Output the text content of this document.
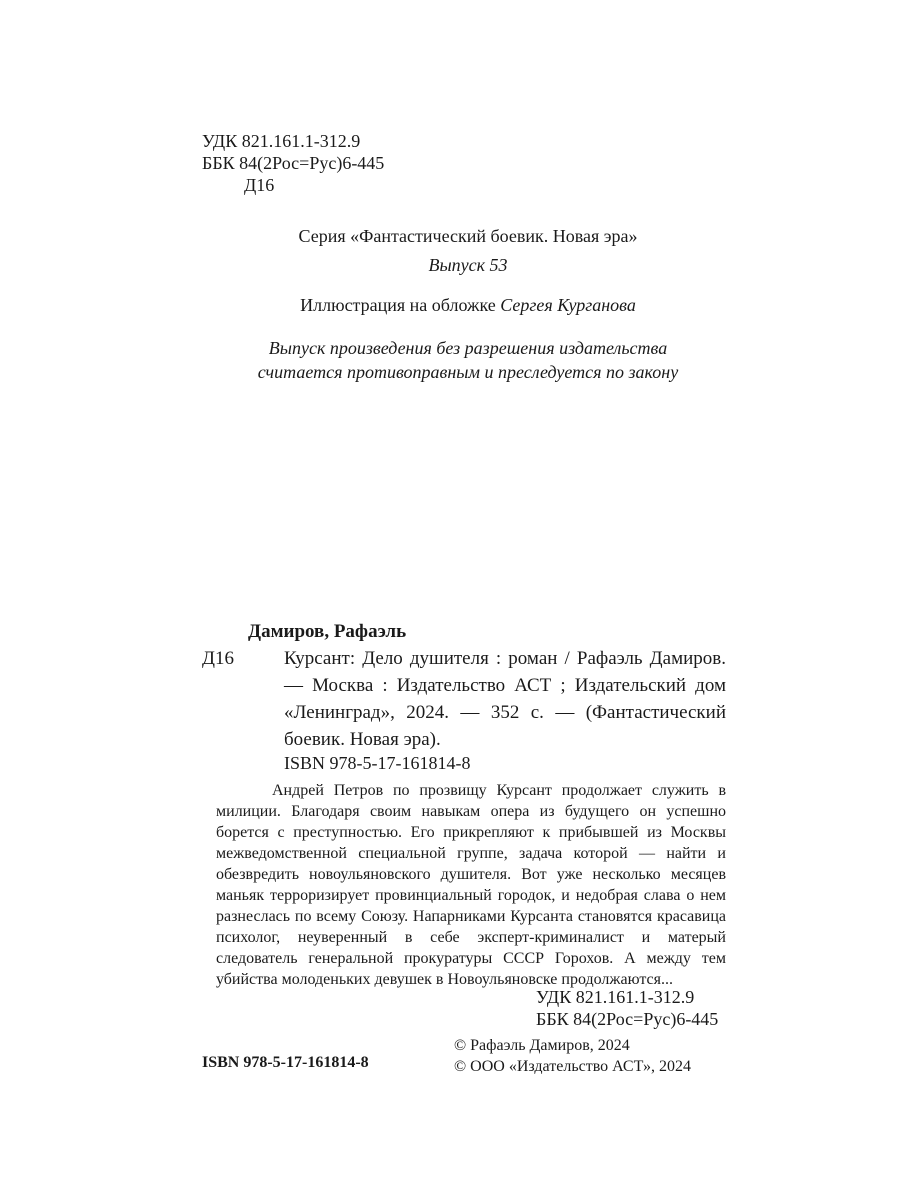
УДК 821.161.1-312.9
ББК 84(2Рос=Рус)6-445
Д16
Серия «Фантастический боевик. Новая эра»
Выпуск 53
Иллюстрация на обложке Сергея Курганова
Выпуск произведения без разрешения издательства
считается противоправным и преследуется по закону
Дамиров, Рафаэль
Д16	Курсант: Дело душителя : роман / Рафаэль Дамиров. — Москва : Издательство АСТ ; Издательский дом «Ленинград», 2024. — 352 с. — (Фантастический боевик. Новая эра).
ISBN 978-5-17-161814-8
Андрей Петров по прозвищу Курсант продолжает служить в милиции. Благодаря своим навыкам опера из будущего он успешно борется с преступностью. Его прикрепляют к прибывшей из Москвы межведомственной специальной группе, задача которой — найти и обезвредить новоульяновского душителя. Вот уже несколько месяцев маньяк терроризирует провинциальный городок, и недобрая слава о нем разнеслась по всему Союзу. Напарниками Курсанта становятся красавица психолог, неуверенный в себе эксперт-криминалист и матерый следователь генеральной прокуратуры СССР Горохов. А между тем убийства молоденьких девушек в Новоульяновске продолжаются...
УДК 821.161.1-312.9
ББК 84(2Рос=Рус)6-445
ISBN 978-5-17-161814-8
© Рафаэль Дамиров, 2024
© ООО «Издательство АСТ», 2024
